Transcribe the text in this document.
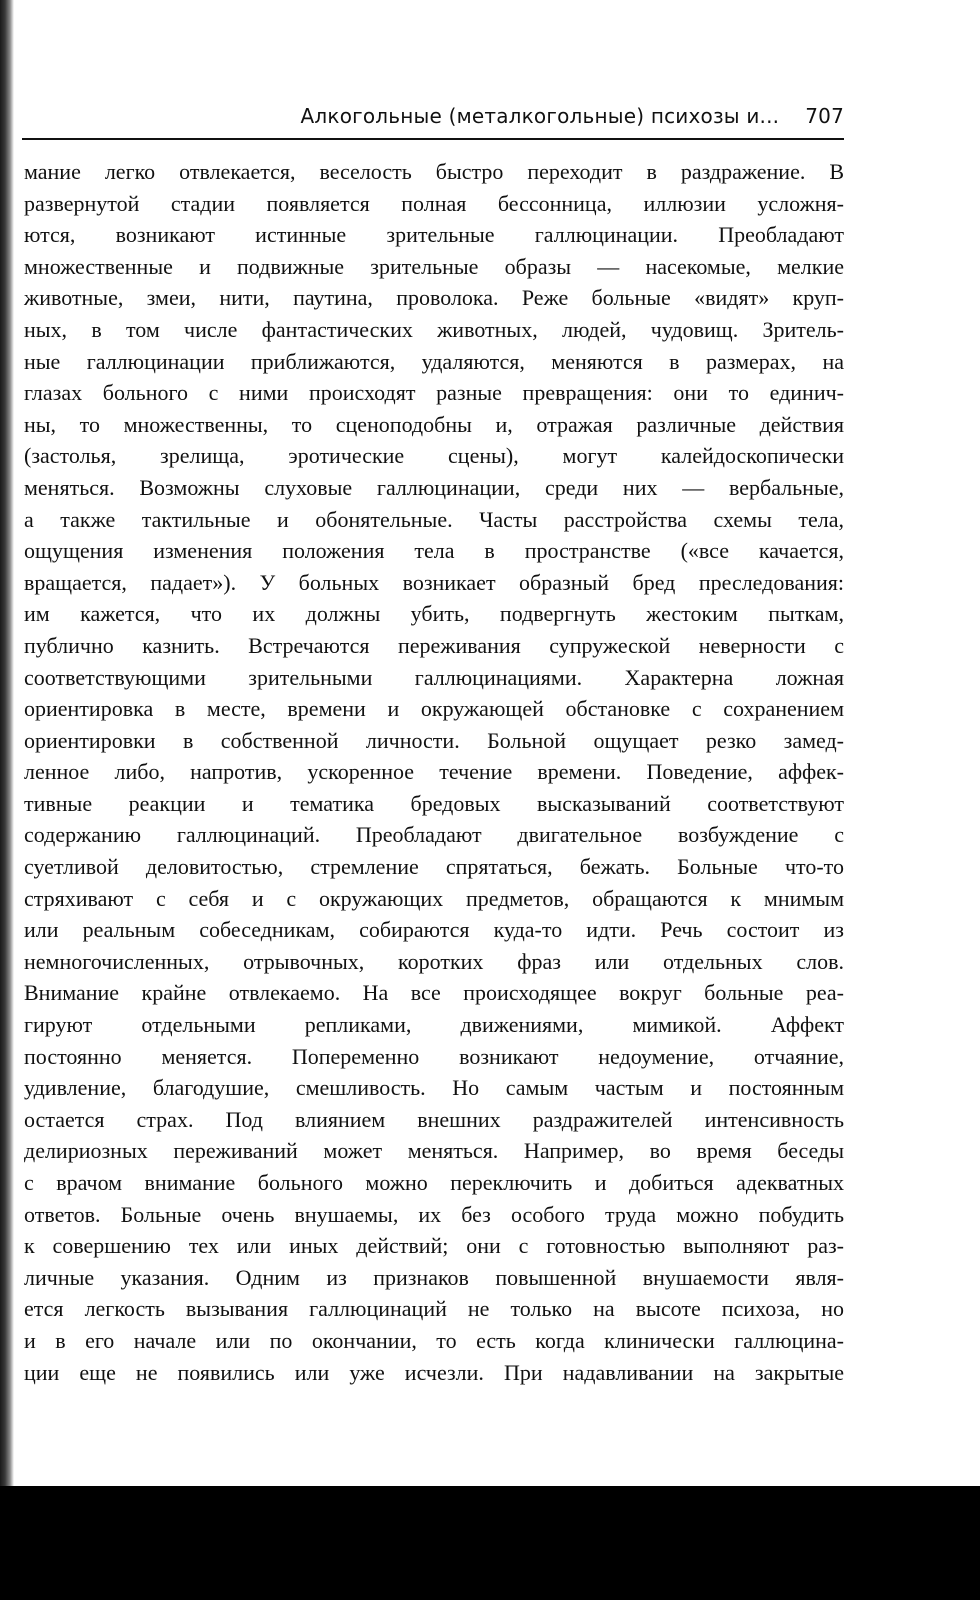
Алкогольные (металкогольные) психозы и... 707
мание легко отвлекается, веселость быстро переходит в раздражение. В
развернутой стадии появляется полная бессонница, иллюзии усложня-
ются, возникают истинные зрительные галлюцинации. Преобладают
множественные и подвижные зрительные образы — насекомые, мелкие
животные, змеи, нити, паутина, проволока. Реже больные «видят» круп-
ных, в том числе фантастических животных, людей, чудовищ. Зритель-
ные галлюцинации приближаются, удаляются, меняются в размерах, на
глазах больного с ними происходят разные превращения: они то единич-
ны, то множественны, то сценоподобны и, отражая различные действия
(застолья, зрелища, эротические сцены), могут калейдоскопически
меняться. Возможны слуховые галлюцинации, среди них — вербальные,
а также тактильные и обонятельные. Часты расстройства схемы тела,
ощущения изменения положения тела в пространстве («все качается,
вращается, падает»). У больных возникает образный бред преследования:
им кажется, что их должны убить, подвергнуть жестоким пыткам,
публично казнить. Встречаются переживания супружеской неверности с
соответствующими зрительными галлюцинациями. Характерна ложная
ориентировка в месте, времени и окружающей обстановке с сохранением
ориентировки в собственной личности. Больной ощущает резко замед-
ленное либо, напротив, ускоренное течение времени. Поведение, аффек-
тивные реакции и тематика бредовых высказываний соответствуют
содержанию галлюцинаций. Преобладают двигательное возбуждение с
суетливой деловитостью, стремление спрятаться, бежать. Больные что-то
стряхивают с себя и с окружающих предметов, обращаются к мнимым
или реальным собеседникам, собираются куда-то идти. Речь состоит из
немногочисленных, отрывочных, коротких фраз или отдельных слов.
Внимание крайне отвлекаемо. На все происходящее вокруг больные реа-
гируют отдельными репликами, движениями, мимикой. Аффект
постоянно меняется. Попеременно возникают недоумение, отчаяние,
удивление, благодушие, смешливость. Но самым частым и постоянным
остается страх. Под влиянием внешних раздражителей интенсивность
делириозных переживаний может меняться. Например, во время беседы
с врачом внимание больного можно переключить и добиться адекватных
ответов. Больные очень внушаемы, их без особого труда можно побудить
к совершению тех или иных действий; они с готовностью выполняют раз-
личные указания. Одним из признаков повышенной внушаемости явля-
ется легкость вызывания галлюцинаций не только на высоте психоза, но
и в его начале или по окончании, то есть когда клинически галлюцина-
ции еще не появились или уже исчезли. При надавливании на закрытые
